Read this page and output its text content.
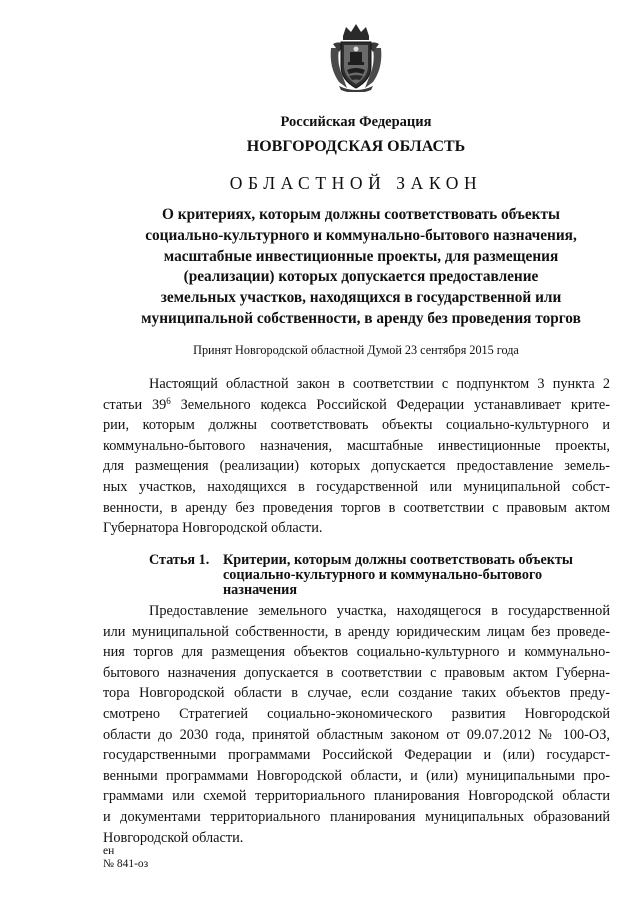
Российская Федерация
НОВГОРОДСКАЯ ОБЛАСТЬ
ОБЛАСТНОЙ ЗАКОН
О критериях, которым должны соответствовать объекты
социально-культурного и коммунально-бытового назначения,
масштабные инвестиционные проекты, для размещения
(реализации) которых допускается предоставление
земельных участков, находящихся в государственной или
муниципальной собственности, в аренду без проведения торгов
Принят Новгородской областной Думой 23 сентября 2015 года
Настоящий областной закон в соответствии с подпунктом 3 пункта 2
статьи $39^6$ Земельного кодекса Российской Федерации устанавливает крите-
рии, которым должны соответствовать объекты социально-культурного и
коммунально-бытового назначения, масштабные инвестиционные проекты,
для размещения (реализации) которых допускается предоставление земель-
ных участков, находящихся в государственной или муниципальной собст-
венности, в аренду без проведения торгов в соответствии с правовым актом
Губернатора Новгородской области.
Статья 1. Критерии, которым должны соответствовать объекты
социально-культурного и коммунально-бытового
назначения
Предоставление земельного участка, находящегося в государственной
или муниципальной собственности, в аренду юридическим лицам без проведе-
ния торгов для размещения объектов социально-культурного и коммунально-
бытового назначения допускается в соответствии с правовым актом Губерна-
тора Новгородской области в случае, если создание таких объектов преду-
смотрено Стратегией социально-экономического развития Новгородской
области до 2030 года, принятой областным законом от 09.07.2012 № 100-ОЗ,
государственными программами Российской Федерации и (или) государст-
венными программами Новгородской области, и (или) муниципальными про-
граммами или схемой территориального планирования Новгородской области
и документами территориального планирования муниципальных образований
Новгородской области.
ен
№ 841-оз
